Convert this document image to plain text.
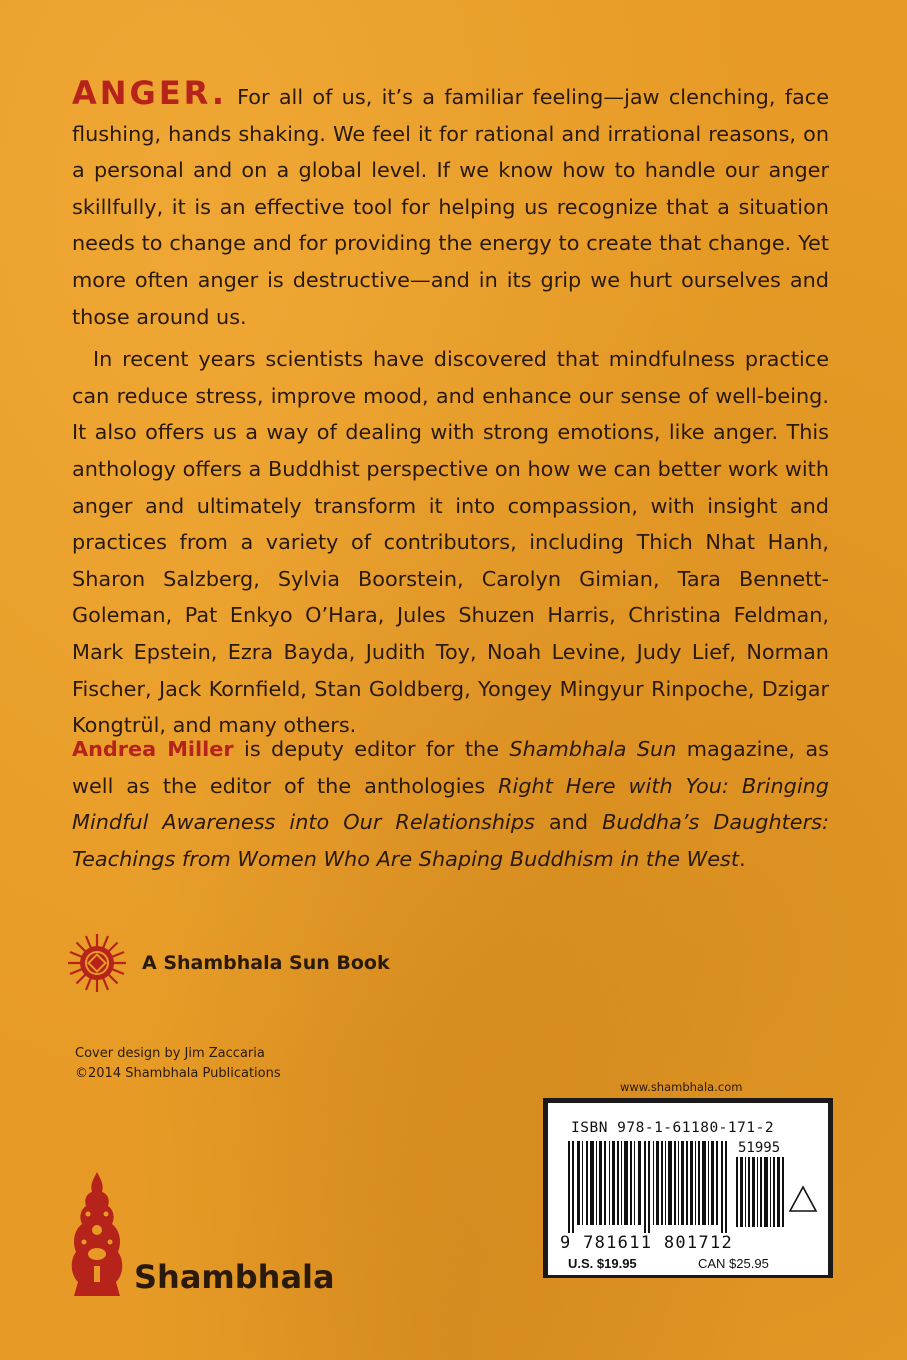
ANGER. For all of us, it’s a familiar feeling—jaw clenching, face flushing, hands shaking. We feel it for rational and irrational reasons, on a personal and on a global level. If we know how to handle our anger skillfully, it is an effective tool for helping us recognize that a situation needs to change and for providing the energy to create that change. Yet more often anger is destructive—and in its grip we hurt ourselves and those around us.

In recent years scientists have discovered that mindfulness practice can reduce stress, improve mood, and enhance our sense of well-being. It also offers us a way of dealing with strong emotions, like anger. This anthology offers a Buddhist perspective on how we can better work with anger and ultimately transform it into compassion, with insight and practices from a variety of contributors, including Thich Nhat Hanh, Sharon Salzberg, Sylvia Boorstein, Carolyn Gimian, Tara Bennett-Goleman, Pat Enkyo O’Hara, Jules Shuzen Harris, Christina Feldman, Mark Epstein, Ezra Bayda, Judith Toy, Noah Levine, Judy Lief, Norman Fischer, Jack Kornfield, Stan Goldberg, Yongey Mingyur Rinpoche, Dzigar Kongtrül, and many others.

Andrea Miller is deputy editor for the Shambhala Sun magazine, as well as the editor of the anthologies Right Here with You: Bringing Mindful Awareness into Our Relationships and Buddha’s Daughters: Teachings from Women Who Are Shaping Buddhism in the West.

A Shambhala Sun Book
Cover design by Jim Zaccaria
©2014 Shambhala Publications
www.shambhala.com
ISBN 978-1-61180-171-2
51995
9 781611 801712
U.S. $19.95	CAN $25.95
Shambhala
